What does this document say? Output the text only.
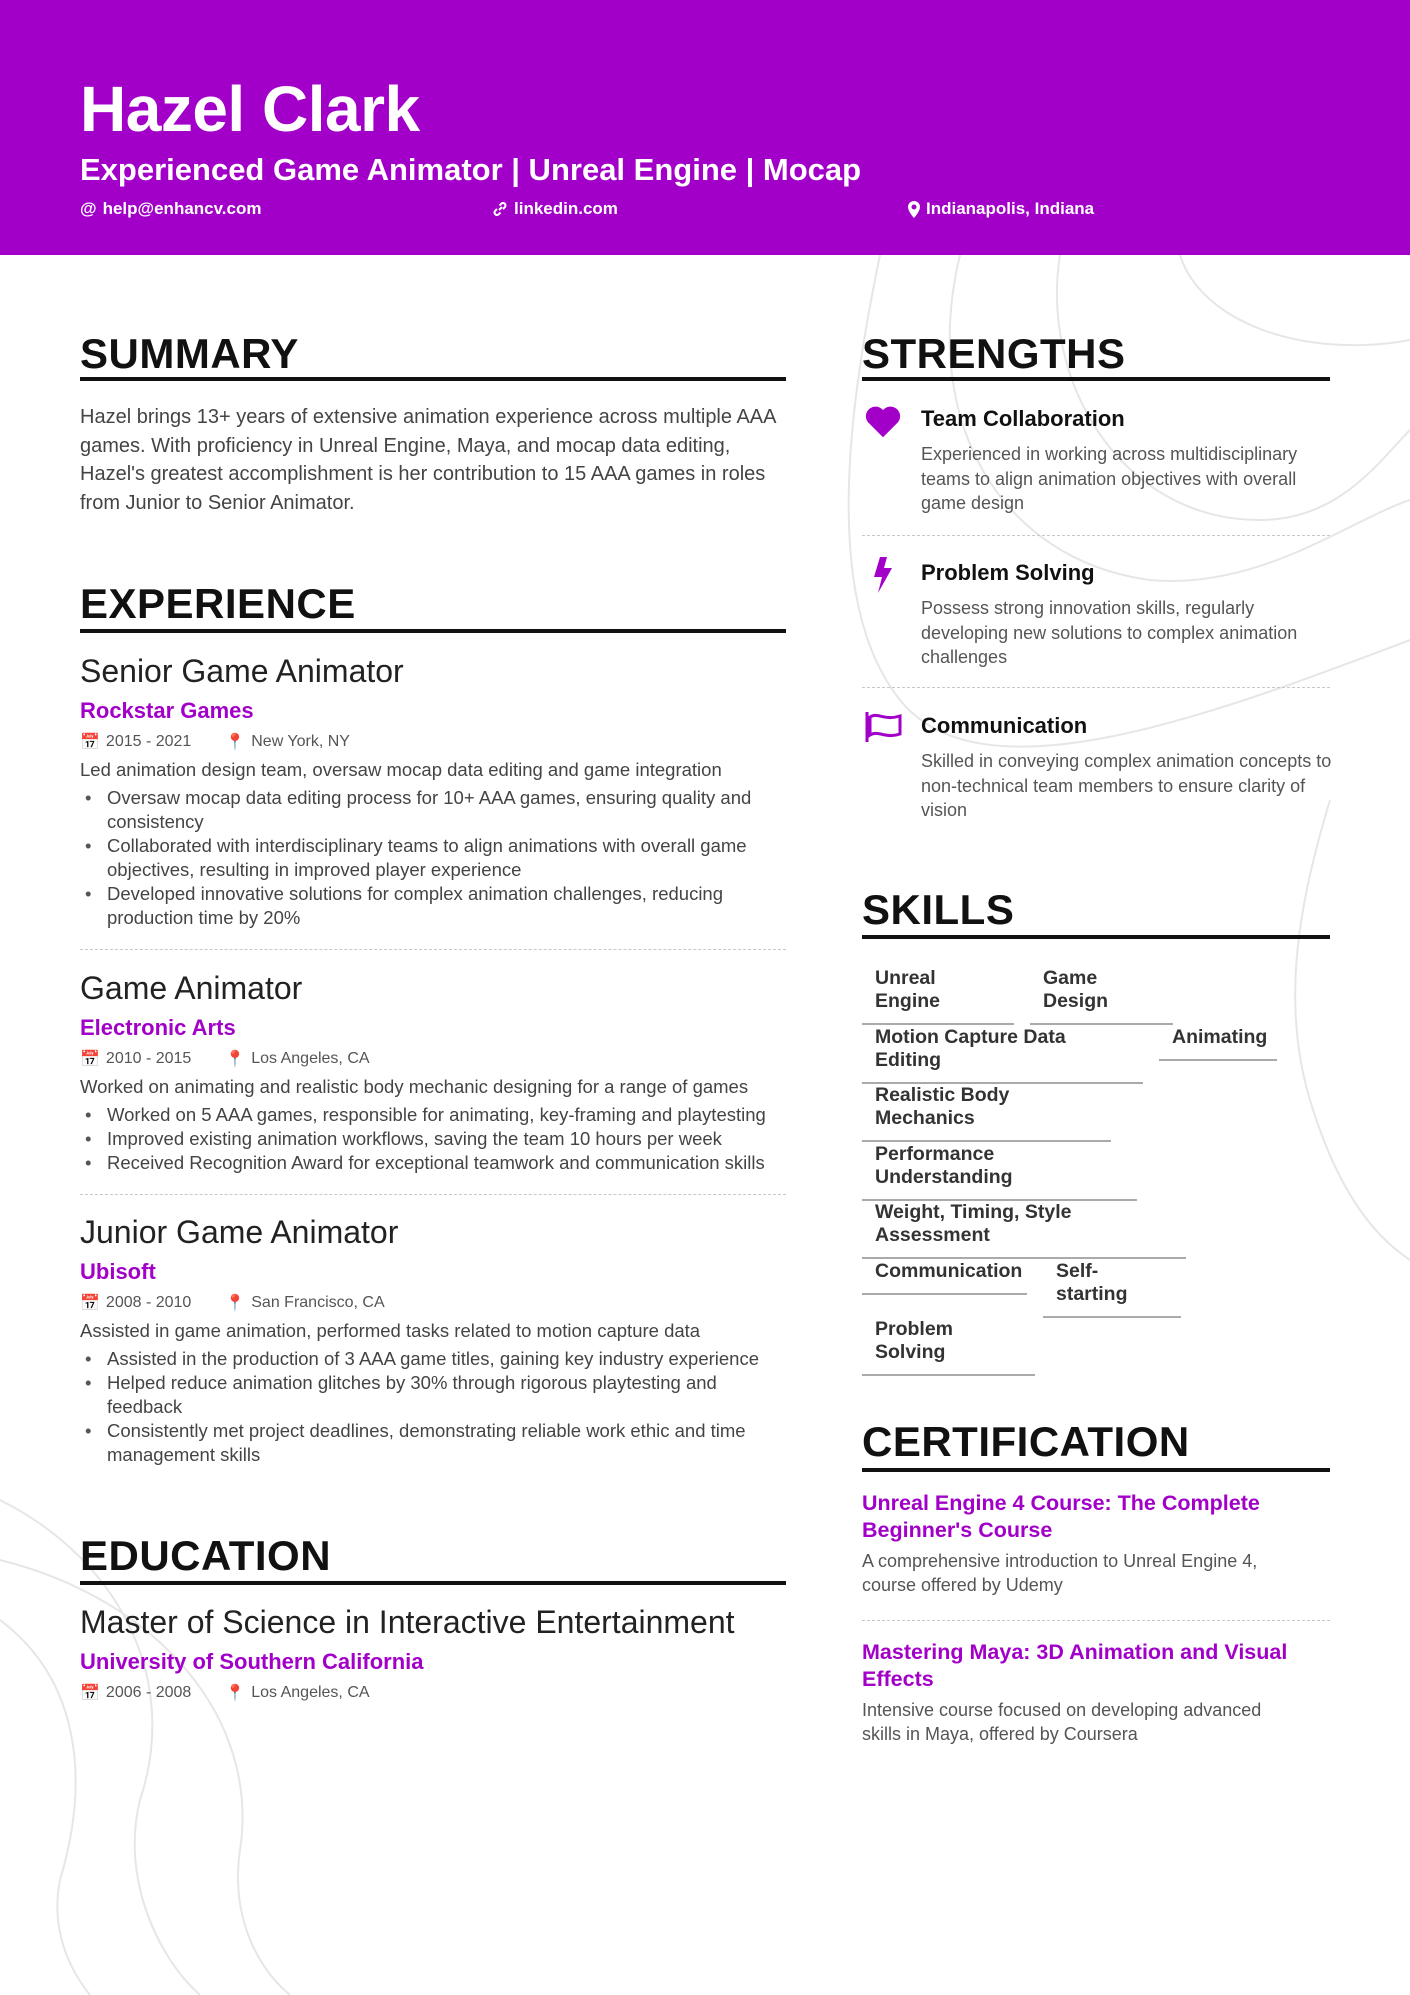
Hazel Clark
Experienced Game Animator | Unreal Engine | Mocap
@ help@enhancv.com	linkedin.com	Indianapolis, Indiana
SUMMARY
Hazel brings 13+ years of extensive animation experience across multiple AAA games. With proficiency in Unreal Engine, Maya, and mocap data editing, Hazel's greatest accomplishment is her contribution to 15 AAA games in roles from Junior to Senior Animator.
EXPERIENCE
Senior Game Animator
Rockstar Games
📅 2015 - 2021 📍 New York, NY
Led animation design team, oversaw mocap data editing and game integration
• Oversaw mocap data editing process for 10+ AAA games, ensuring quality and consistency
• Collaborated with interdisciplinary teams to align animations with overall game objectives, resulting in improved player experience
• Developed innovative solutions for complex animation challenges, reducing production time by 20%
Game Animator
Electronic Arts
📅 2010 - 2015 📍 Los Angeles, CA
Worked on animating and realistic body mechanic designing for a range of games
• Worked on 5 AAA games, responsible for animating, key-framing and playtesting
• Improved existing animation workflows, saving the team 10 hours per week
• Received Recognition Award for exceptional teamwork and communication skills
Junior Game Animator
Ubisoft
📅 2008 - 2010 📍 San Francisco, CA
Assisted in game animation, performed tasks related to motion capture data
• Assisted in the production of 3 AAA game titles, gaining key industry experience
• Helped reduce animation glitches by 30% through rigorous playtesting and feedback
• Consistently met project deadlines, demonstrating reliable work ethic and time management skills
EDUCATION
Master of Science in Interactive Entertainment
University of Southern California
📅 2006 - 2008 📍 Los Angeles, CA
STRENGTHS
Team Collaboration
Experienced in working across multidisciplinary teams to align animation objectives with overall game design
Problem Solving
Possess strong innovation skills, regularly developing new solutions to complex animation challenges
Communication
Skilled in conveying complex animation concepts to non-technical team members to ensure clarity of vision
SKILLS
Unreal Engine
Game Design
Motion Capture Data Editing
Animating
Realistic Body Mechanics
Performance Understanding
Weight, Timing, Style Assessment
Communication	Self-starting
Problem Solving
CERTIFICATION
Unreal Engine 4 Course: The Complete Beginner's Course
A comprehensive introduction to Unreal Engine 4, course offered by Udemy
Mastering Maya: 3D Animation and Visual Effects
Intensive course focused on developing advanced skills in Maya, offered by Coursera
